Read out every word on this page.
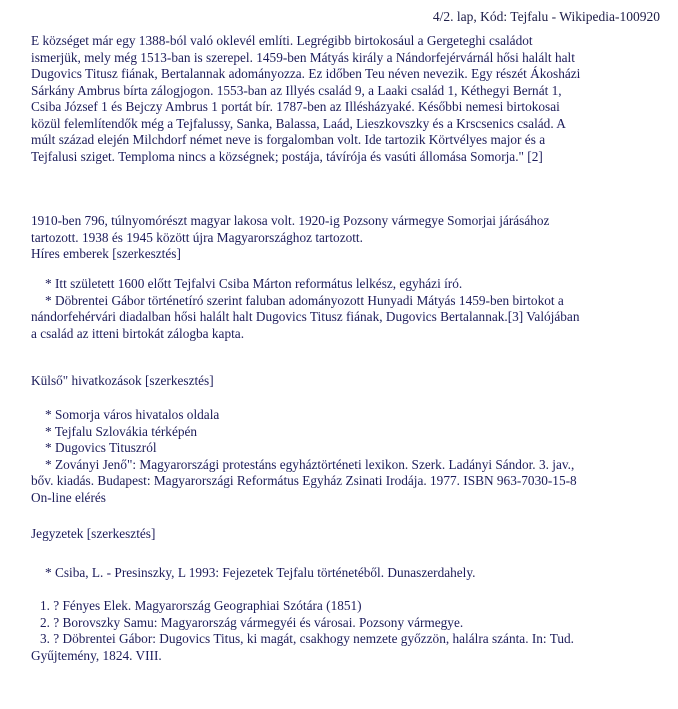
4/2. lap, Kód: Tejfalu - Wikipedia-100920
E községet már egy 1388-ból való oklevél említi. Legrégibb birtokosául a Gergeteghi családot
ismerjük, mely még 1513-ban is szerepel. 1459-ben Mátyás király a Nándorfejérvárnál hősi halált halt
Dugovics Titusz fiának, Bertalannak adományozza. Ez időben Teu néven nevezik. Egy részét Ákosházi
Sárkány Ambrus bírta zálogjogon. 1553-ban az Illyés család 9, a Laaki család 1, Kéthegyi Bernát 1,
Csiba József 1 és Bejczy Ambrus 1 portát bír. 1787-ben az Illésházyaké. Későbbi nemesi birtokosai
közül felemlítendők még a Tejfalussy, Sanka, Balassa, Laád, Lieszkovszky és a Krscsenics család. A
múlt század elején Milchdorf német neve is forgalomban volt. Ide tartozik Körtvélyes major és a
Tejfalusi sziget. Temploma nincs a községnek; postája, távírója és vasúti állomása Somorja." [2]
1910-ben 796, túlnyomórészt magyar lakosa volt. 1920-ig Pozsony vármegye Somorjai járásához
tartozott. 1938 és 1945 között újra Magyarországhoz tartozott.
Híres emberek [szerkesztés]
* Itt született 1600 előtt Tejfalvi Csiba Márton református lelkész, egyházi író.
* Döbrentei Gábor történetíró szerint faluban adományozott Hunyadi Mátyás 1459-ben birtokot a
nándorfehérvári diadalban hősi halált halt Dugovics Titusz fiának, Dugovics Bertalannak.[3] Valójában
a család az itteni birtokát zálogba kapta.
Külső" hivatkozások [szerkesztés]
* Somorja város hivatalos oldala
* Tejfalu Szlovákia térképén
* Dugovics Tituszról
* Zoványi Jenő": Magyarországi protestáns egyháztörténeti lexikon. Szerk. Ladányi Sándor. 3. jav.,
bőv. kiadás. Budapest: Magyarországi Református Egyház Zsinati Irodája. 1977. ISBN 963-7030-15-8
On-line elérés
Jegyzetek [szerkesztés]
* Csiba, L. - Presinszky, L 1993: Fejezetek Tejfalu történetéből. Dunaszerdahely.
1. ? Fényes Elek. Magyarország Geographiai Szótára (1851)
2. ? Borovszky Samu: Magyarország vármegyéi és városai. Pozsony vármegye.
3. ? Döbrentei Gábor: Dugovics Titus, ki magát, csakhogy nemzete győzzön, halálra szánta. In: Tud.
Gyűjtemény, 1824. VIII.
